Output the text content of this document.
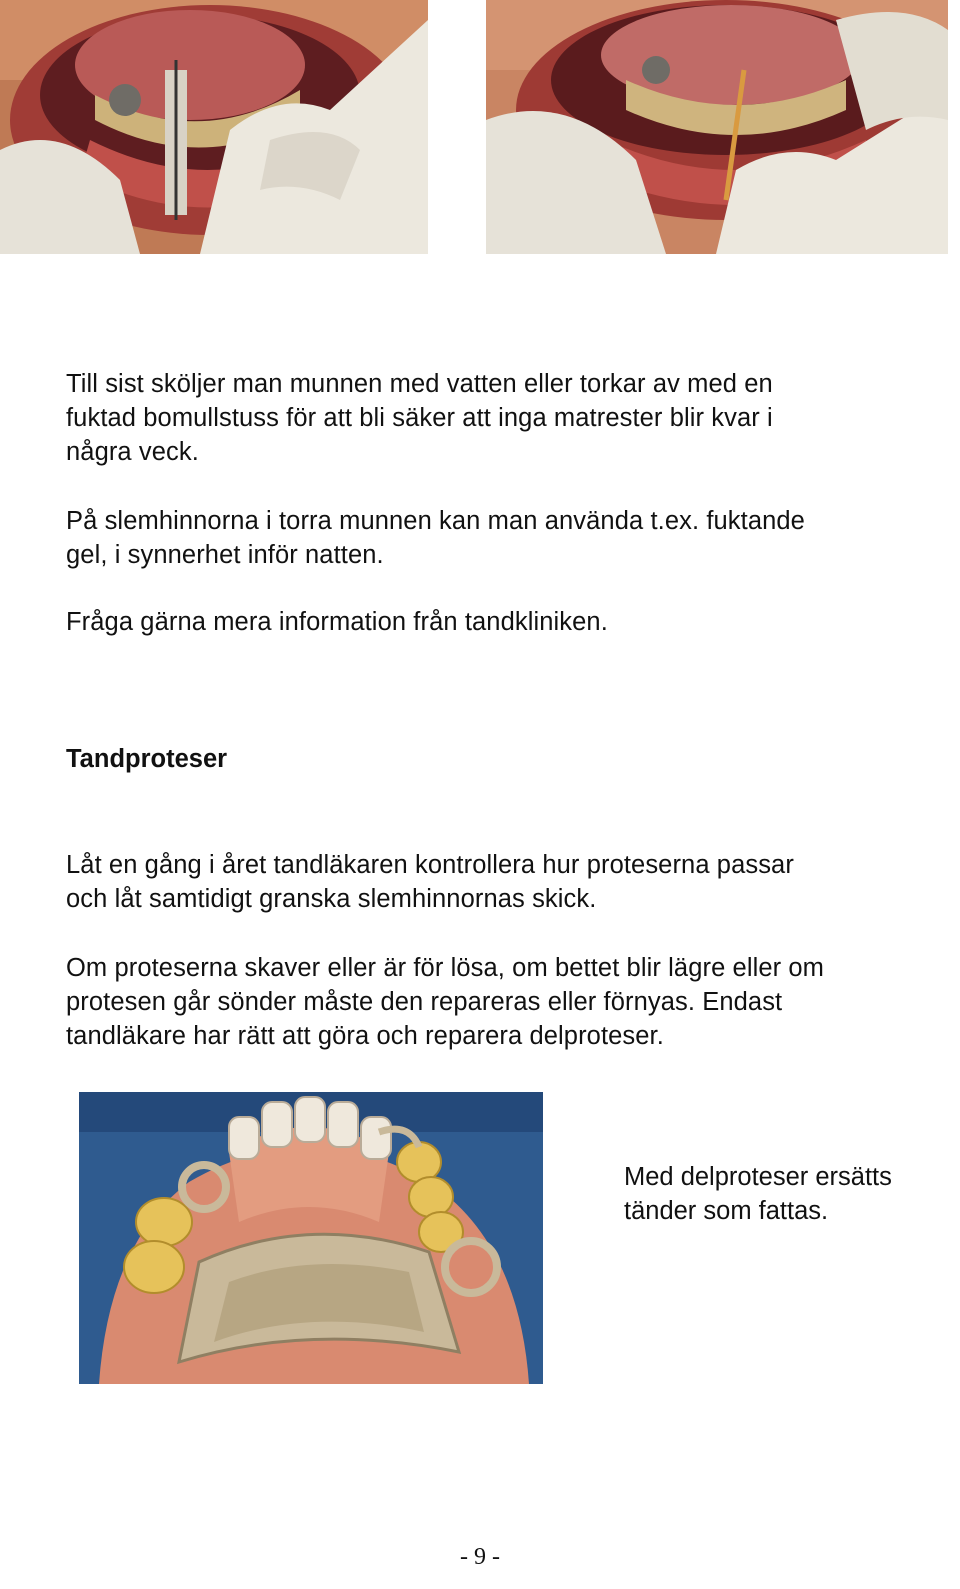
Till sist sköljer man munnen med vatten eller torkar av med en
fuktad bomullstuss för att bli säker att inga matrester blir kvar i
några veck.

På slemhinnorna i torra munnen kan man använda t.ex. fuktande
gel, i synnerhet inför natten.

Fråga gärna mera information från tandkliniken.

Tandproteser

Låt en gång i året tandläkaren kontrollera hur proteserna passar
och låt samtidigt granska slemhinnornas skick.

Om proteserna skaver eller är för lösa, om bettet blir lägre eller om
protesen går sönder måste den repareras eller förnyas. Endast
tandläkare har rätt att göra och reparera delproteser.

Med delproteser ersätts
tänder som fattas.

- 9 -
